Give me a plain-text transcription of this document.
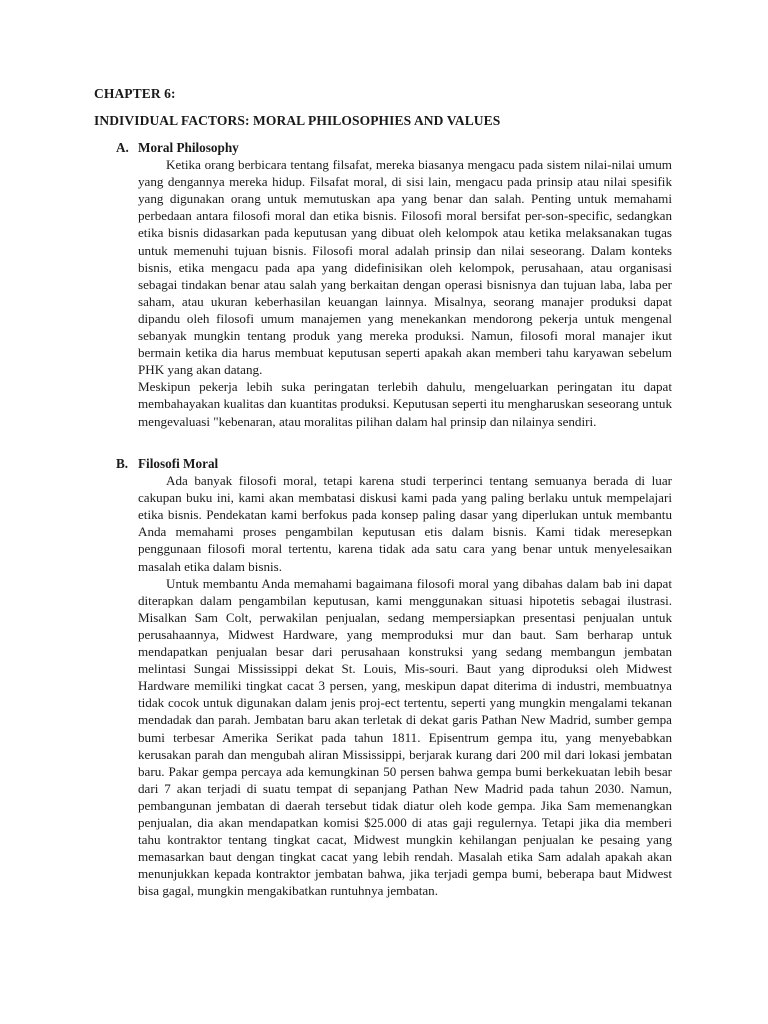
CHAPTER 6:
INDIVIDUAL FACTORS: MORAL PHILOSOPHIES AND VALUES
A. Moral Philosophy

Ketika orang berbicara tentang filsafat, mereka biasanya mengacu pada sistem nilai-nilai umum yang dengannya mereka hidup. Filsafat moral, di sisi lain, mengacu pada prinsip atau nilai spesifik yang digunakan orang untuk memutuskan apa yang benar dan salah. Penting untuk memahami perbedaan antara filosofi moral dan etika bisnis. Filosofi moral bersifat per-son-specific, sedangkan etika bisnis didasarkan pada keputusan yang dibuat oleh kelompok atau ketika melaksanakan tugas untuk memenuhi tujuan bisnis. Filosofi moral adalah prinsip dan nilai seseorang. Dalam konteks bisnis, etika mengacu pada apa yang didefinisikan oleh kelompok, perusahaan, atau organisasi sebagai tindakan benar atau salah yang berkaitan dengan operasi bisnisnya dan tujuan laba, laba per saham, atau ukuran keberhasilan keuangan lainnya. Misalnya, seorang manajer produksi dapat dipandu oleh filosofi umum manajemen yang menekankan mendorong pekerja untuk mengenal sebanyak mungkin tentang produk yang mereka produksi. Namun, filosofi moral manajer ikut bermain ketika dia harus membuat keputusan seperti apakah akan memberi tahu karyawan sebelum PHK yang akan datang.

Meskipun pekerja lebih suka peringatan terlebih dahulu, mengeluarkan peringatan itu dapat membahayakan kualitas dan kuantitas produksi. Keputusan seperti itu mengharuskan seseorang untuk mengevaluasi "kebenaran, atau moralitas pilihan dalam hal prinsip dan nilainya sendiri.

B. Filosofi Moral

Ada banyak filosofi moral, tetapi karena studi terperinci tentang semuanya berada di luar cakupan buku ini, kami akan membatasi diskusi kami pada yang paling berlaku untuk mempelajari etika bisnis. Pendekatan kami berfokus pada konsep paling dasar yang diperlukan untuk membantu Anda memahami proses pengambilan keputusan etis dalam bisnis. Kami tidak meresepkan penggunaan filosofi moral tertentu, karena tidak ada satu cara yang benar untuk menyelesaikan masalah etika dalam bisnis.

Untuk membantu Anda memahami bagaimana filosofi moral yang dibahas dalam bab ini dapat diterapkan dalam pengambilan keputusan, kami menggunakan situasi hipotetis sebagai ilustrasi. Misalkan Sam Colt, perwakilan penjualan, sedang mempersiapkan presentasi penjualan untuk perusahaannya, Midwest Hardware, yang memproduksi mur dan baut. Sam berharap untuk mendapatkan penjualan besar dari perusahaan konstruksi yang sedang membangun jembatan melintasi Sungai Mississippi dekat St. Louis, Mis-souri. Baut yang diproduksi oleh Midwest Hardware memiliki tingkat cacat 3 persen, yang, meskipun dapat diterima di industri, membuatnya tidak cocok untuk digunakan dalam jenis proj-ect tertentu, seperti yang mungkin mengalami tekanan mendadak dan parah. Jembatan baru akan terletak di dekat garis Pathan New Madrid, sumber gempa bumi terbesar Amerika Serikat pada tahun 1811. Episentrum gempa itu, yang menyebabkan kerusakan parah dan mengubah aliran Mississippi, berjarak kurang dari 200 mil dari lokasi jembatan baru. Pakar gempa percaya ada kemungkinan 50 persen bahwa gempa bumi berkekuatan lebih besar dari 7 akan terjadi di suatu tempat di sepanjang Pathan New Madrid pada tahun 2030. Namun, pembangunan jembatan di daerah tersebut tidak diatur oleh kode gempa. Jika Sam memenangkan penjualan, dia akan mendapatkan komisi $25.000 di atas gaji regulernya. Tetapi jika dia memberi tahu kontraktor tentang tingkat cacat, Midwest mungkin kehilangan penjualan ke pesaing yang memasarkan baut dengan tingkat cacat yang lebih rendah. Masalah etika Sam adalah apakah akan menunjukkan kepada kontraktor jembatan bahwa, jika terjadi gempa bumi, beberapa baut Midwest bisa gagal, mungkin mengakibatkan runtuhnya jembatan.
